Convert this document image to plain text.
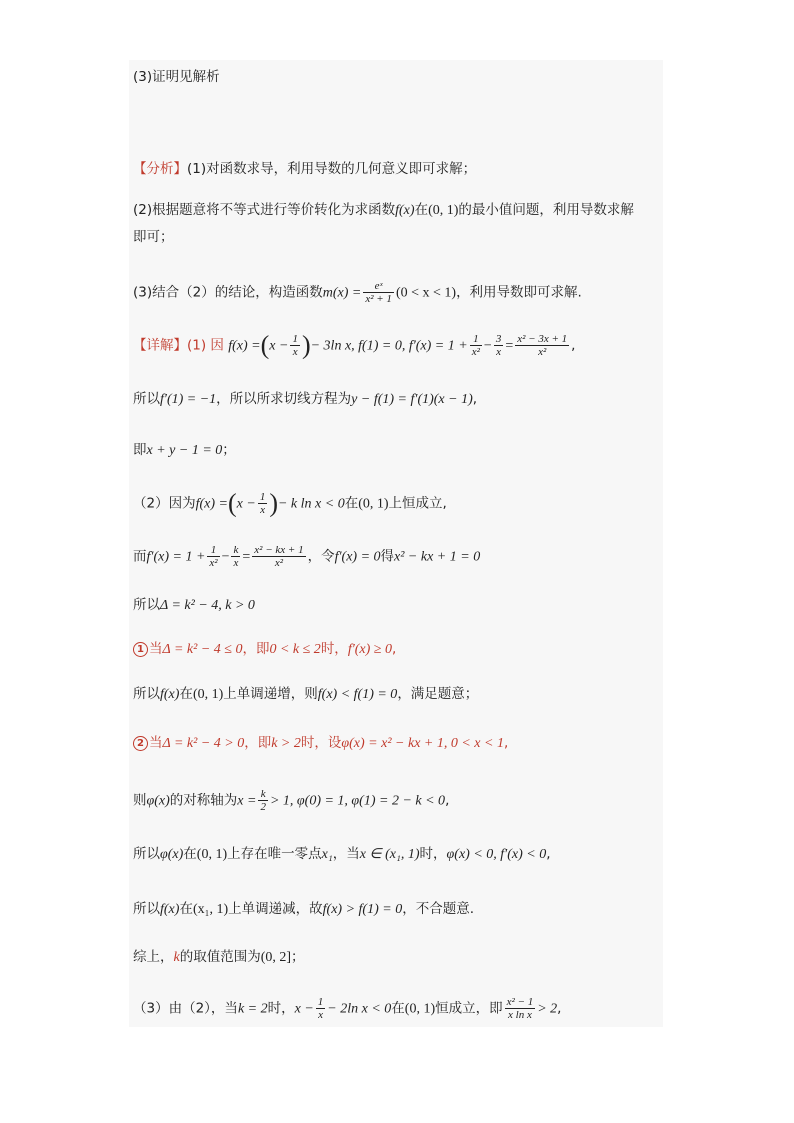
(3)证明见解析
【分析】(1)对函数求导，利用导数的几何意义即可求解；
(2)根据题意将不等式进行等价转化为求函数f(x)在(0, 1)的最小值问题，利用导数求解
即可；
(3)结合（2）的结论，构造函数$m(x) = \frac{\text{eˣ}}{\text{x² + 1}} (0 < x < 1)$，利用导数即可求解.
【详解】(1) 因 $f(x) =(x - \frac{1}{x}$ )− 3ln x, f(1) = 0, $f'(x) = 1 + \frac{1}{\text{x²}} - \frac{3}{x} = \frac{\text{x² − 3x + 1}}{\text{x²}}$ ,
所以f′(1) = −1，所以所求切线方程为y − f(1) = f′(1)(x − 1),
即x + y − 1 = 0；
（2）因为$f(x) =(x - \frac{1}{x}$ )− k ln x < 0在(0, 1)上恒成立,
而$f'(x) = 1 + \frac{1}{\text{x²}} - \frac{k}{x} = \frac{\text{x² − kx + 1}}{\text{x²}}$ ，令f′(x) = 0得x² − kx + 1 = 0
所以Δ = k² − 4, k > 0
1 当Δ = k² − 4 ≤ 0，即0 < k ≤ 2时，f′(x) ≥ 0,
所以f(x)在(0, 1)上单调递增，则f(x) < f(1) = 0，满足题意；
2 当Δ = k² − 4 > 0，即k > 2时，设φ(x) = x² − kx + 1, 0 < x < 1,
则φ(x)的对称轴为$x = \frac{k}{2} > 1$, φ(0) = 1, φ(1) = 2 − k < 0,
所以φ(x)在(0, 1)上存在唯一零点x₁，当x ∈ (x₁, 1)时，φ(x) < 0, f′(x) < 0,
所以f(x)在(x₁, 1)上单调递减，故f(x) > f(1) = 0，不合题意.
综上，k的取值范围为(0, 2]；
（3）由（2），当k = 2时，$x - \frac{1}{x} - 2\ln$ x < 0在(0, 1)恒成立，即 $\frac{\text{x² − 1}}{\text{x ln x}} > 2$,
